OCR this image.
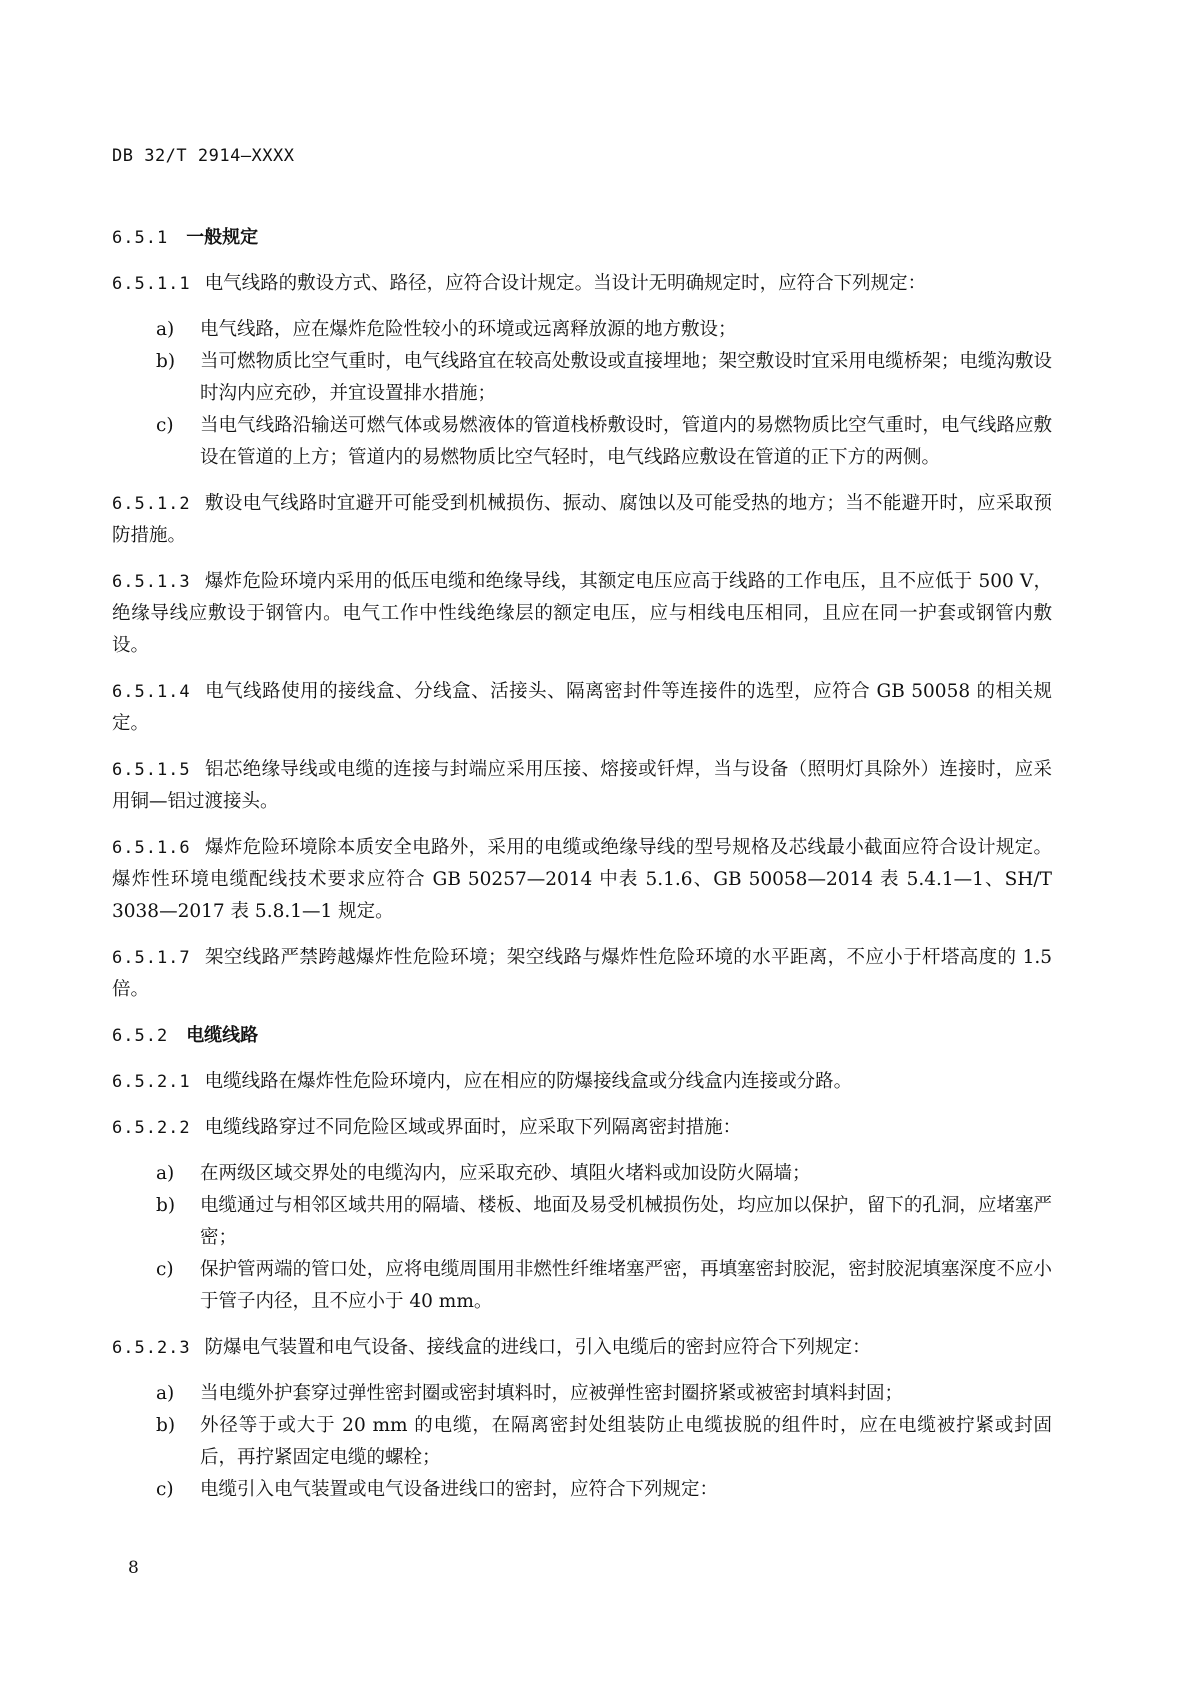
DB 32/T 2914—XXXX
6.5.1 一般规定
6.5.1.1 电气线路的敷设方式、路径，应符合设计规定。当设计无明确规定时，应符合下列规定：
a) 电气线路，应在爆炸危险性较小的环境或远离释放源的地方敷设；
b) 当可燃物质比空气重时，电气线路宜在较高处敷设或直接埋地；架空敷设时宜采用电缆桥架；电缆沟敷设时沟内应充砂，并宜设置排水措施；
c) 当电气线路沿输送可燃气体或易燃液体的管道栈桥敷设时，管道内的易燃物质比空气重时，电气线路应敷设在管道的上方；管道内的易燃物质比空气轻时，电气线路应敷设在管道的正下方的两侧。
6.5.1.2 敷设电气线路时宜避开可能受到机械损伤、振动、腐蚀以及可能受热的地方；当不能避开时，应采取预防措施。
6.5.1.3 爆炸危险环境内采用的低压电缆和绝缘导线，其额定电压应高于线路的工作电压，且不应低于 500 V，绝缘导线应敷设于钢管内。电气工作中性线绝缘层的额定电压，应与相线电压相同，且应在同一护套或钢管内敷设。
6.5.1.4 电气线路使用的接线盒、分线盒、活接头、隔离密封件等连接件的选型，应符合 GB 50058 的相关规定。
6.5.1.5 铝芯绝缘导线或电缆的连接与封端应采用压接、熔接或钎焊，当与设备（照明灯具除外）连接时，应采用铜—铝过渡接头。
6.5.1.6 爆炸危险环境除本质安全电路外，采用的电缆或绝缘导线的型号规格及芯线最小截面应符合设计规定。爆炸性环境电缆配线技术要求应符合 GB 50257—2014 中表 5.1.6、GB 50058—2014 表 5.4.1—1、SH/T 3038—2017 表 5.8.1—1 规定。
6.5.1.7 架空线路严禁跨越爆炸性危险环境；架空线路与爆炸性危险环境的水平距离，不应小于杆塔高度的 1.5 倍。
6.5.2 电缆线路
6.5.2.1 电缆线路在爆炸性危险环境内，应在相应的防爆接线盒或分线盒内连接或分路。
6.5.2.2 电缆线路穿过不同危险区域或界面时，应采取下列隔离密封措施：
a) 在两级区域交界处的电缆沟内，应采取充砂、填阻火堵料或加设防火隔墙；
b) 电缆通过与相邻区域共用的隔墙、楼板、地面及易受机械损伤处，均应加以保护，留下的孔洞，应堵塞严密；
c) 保护管两端的管口处，应将电缆周围用非燃性纤维堵塞严密，再填塞密封胶泥，密封胶泥填塞深度不应小于管子内径，且不应小于 40 mm。
6.5.2.3 防爆电气装置和电气设备、接线盒的进线口，引入电缆后的密封应符合下列规定：
a) 当电缆外护套穿过弹性密封圈或密封填料时，应被弹性密封圈挤紧或被密封填料封固；
b) 外径等于或大于 20 mm 的电缆，在隔离密封处组装防止电缆拔脱的组件时，应在电缆被拧紧或封固后，再拧紧固定电缆的螺栓；
c) 电缆引入电气装置或电气设备进线口的密封，应符合下列规定：
8
